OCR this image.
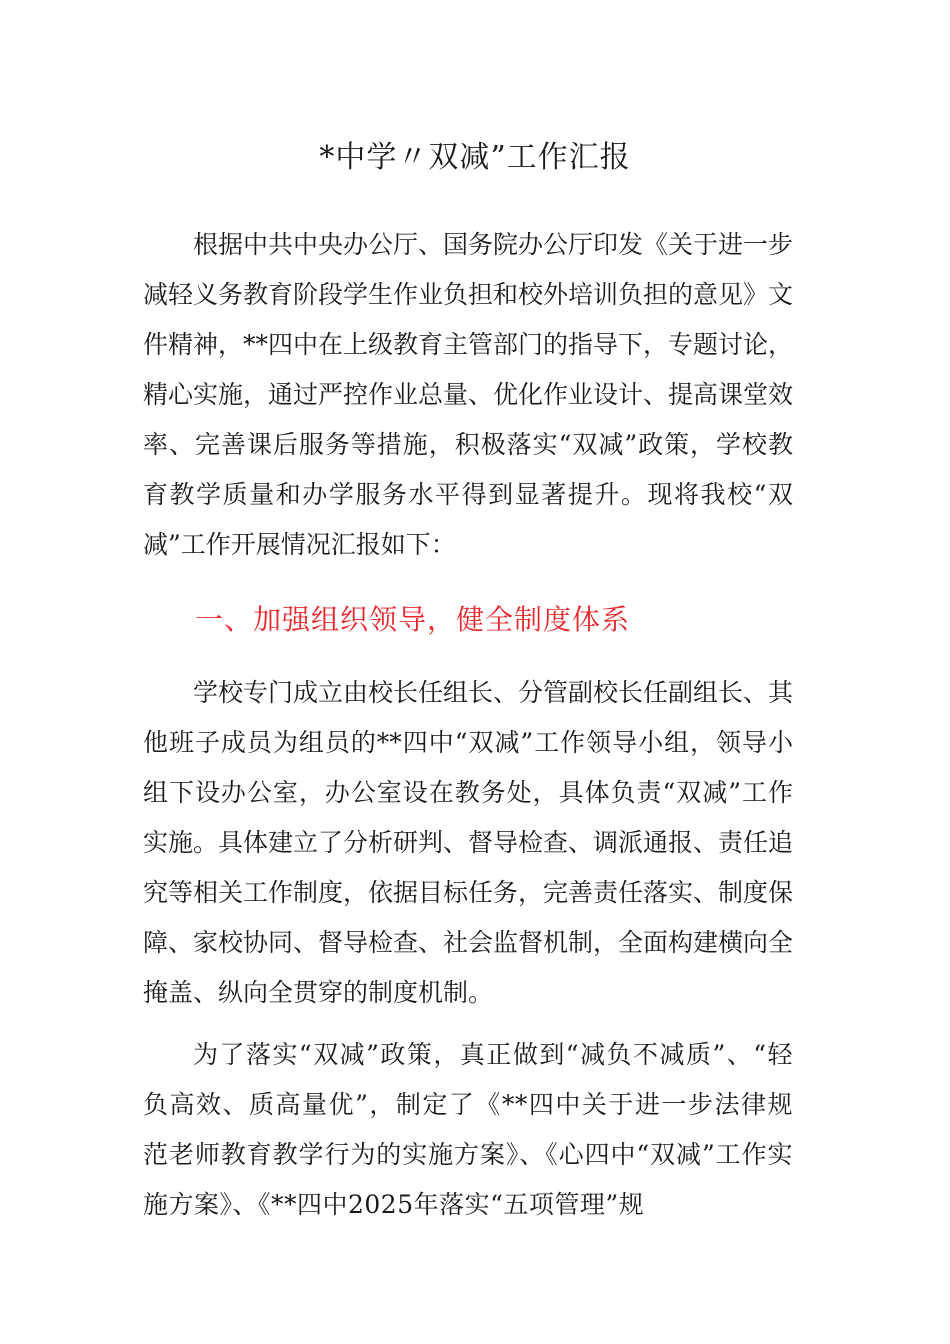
*中学〃双减”工作汇报

根据中共中央办公厅、国务院办公厅印发《关于进一步减轻义务教育阶段学生作业负担和校外培训负担的意见》文件精神，**四中在上级教育主管部门的指导下，专题讨论，精心实施，通过严控作业总量、优化作业设计、提高课堂效率、完善课后服务等措施，积极落实“双减”政策，学校教育教学质量和办学服务水平得到显著提升。现将我校“双减”工作开展情况汇报如下：

一、加强组织领导，健全制度体系

学校专门成立由校长任组长、分管副校长任副组长、其他班子成员为组员的**四中“双减”工作领导小组，领导小组下设办公室，办公室设在教务处，具体负责“双减”工作实施。具体建立了分析研判、督导检查、调派通报、责任追究等相关工作制度，依据目标任务，完善责任落实、制度保障、家校协同、督导检查、社会监督机制，全面构建横向全掩盖、纵向全贯穿的制度机制。

为了落实“双减”政策，真正做到“减负不减质”、“轻负高效、质高量优”，制定了《**四中关于进一步法律规范老师教育教学行为的实施方案》、《心四中“双减”工作实施方案》、《**四中2025年落实“五项管理”规
